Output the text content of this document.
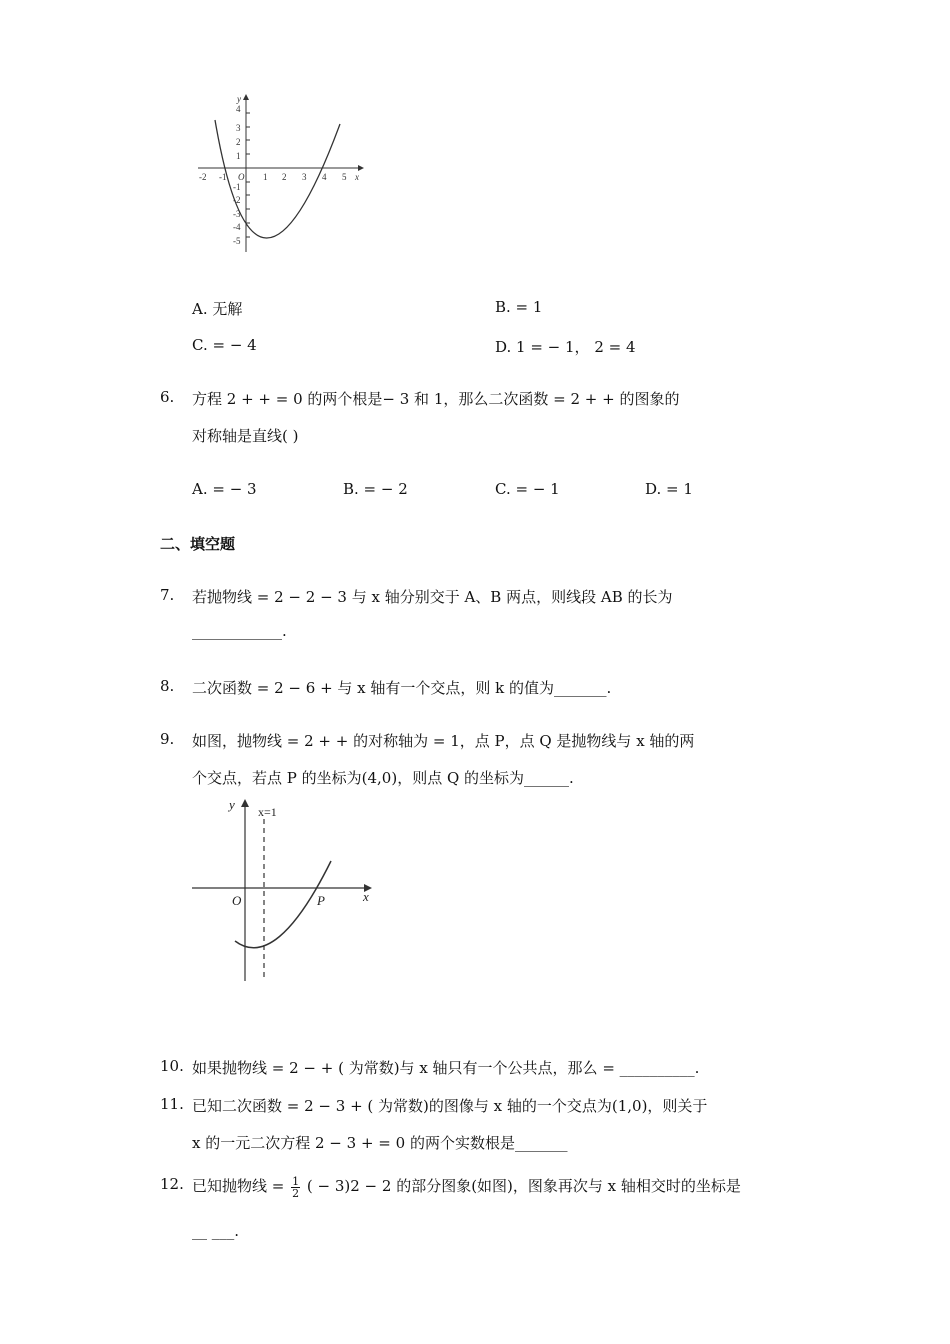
-2 -1	1 2 3 4 5
4
3
2
1
-1
-2
-3
-4
-5
O	x
y
A. 无解	B. = 1
C. = − 4	D. 1 = − 1， 2 = 4
6. 方程 2 + + = 0 的两个根是− 3 和 1，那么二次函数 = 2 + + 的图象的
对称轴是直线( )
A. = − 3	B. = − 2	C. = − 1	D. = 1
二、填空题
7. 若抛物线 = 2 − 2 − 3 与 x 轴分别交于 A、B 两点，则线段 AB 的长为
____________.
8. 二次函数 = 2 − 6 + 与 x 轴有一个交点，则 k 的值为_______.
9. 如图，抛物线 = 2 + + 的对称轴为 = 1，点 P，点 Q 是抛物线与 x 轴的两
个交点，若点 P 的坐标为(4,0)，则点 Q 的坐标为______.
y x=1
O	P	x
10. 如果抛物线 = 2 − + ( 为常数)与 x 轴只有一个公共点，那么 = __________.
11. 已知二次函数 = 2 − 3 + ( 为常数)的图像与 x 轴的一个交点为(1,0)，则关于
x 的一元二次方程 2 − 3 + = 0 的两个实数根是_______
12. 已知抛物线 = $\frac{1}{2}$ ( − 3)2 − 2 的部分图象(如图)，图象再次与 x 轴相交时的坐标是
__ ___.
